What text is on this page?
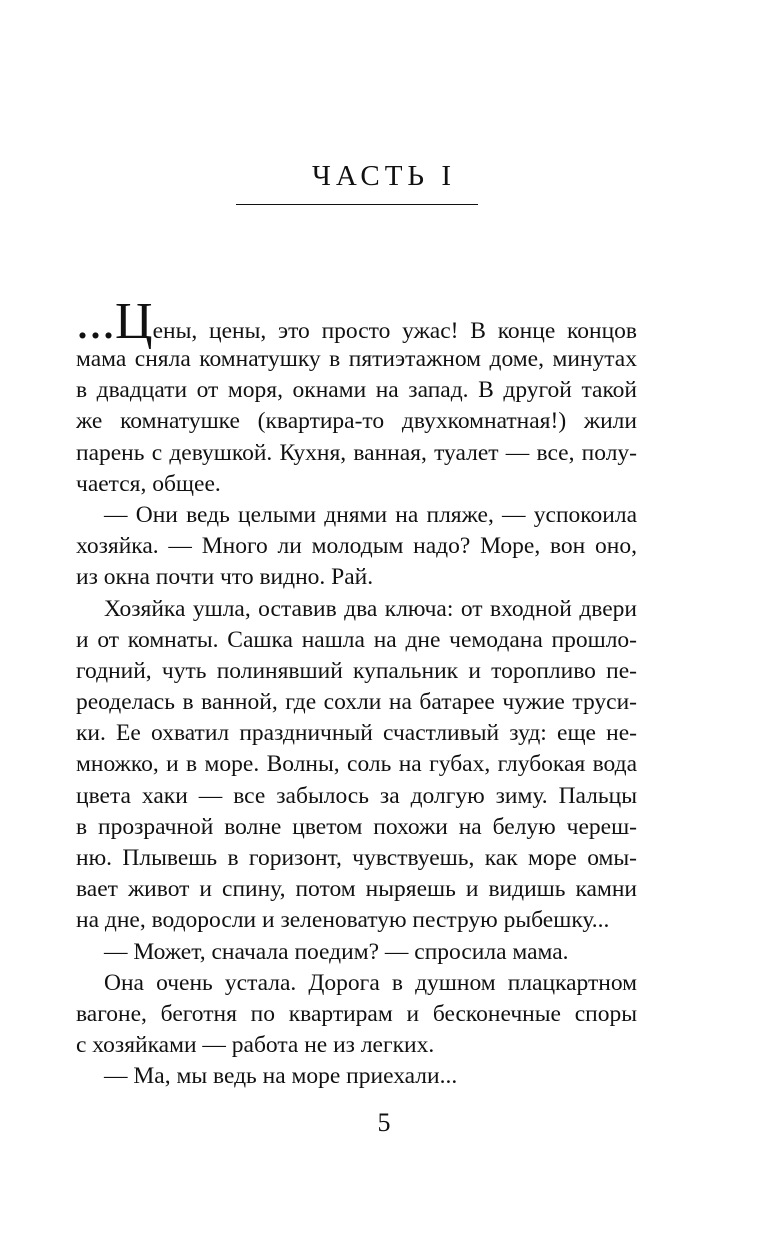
ЧАСТЬ I
...Ц ены, цены, это просто ужас! В конце концов
мама сняла комнатушку в пятиэтажном доме, минутах
в двадцати от моря, окнами на запад. В другой такой
же комнатушке (квартира-то двухкомнатная!) жили
парень с девушкой. Кухня, ванная, туалет — все, полу-
чается, общее.
— Они ведь целыми днями на пляже, — успокоила
хозяйка. — Много ли молодым надо? Море, вон оно,
из окна почти что видно. Рай.
Хозяйка ушла, оставив два ключа: от входной двери
и от комнаты. Сашка нашла на дне чемодана прошло-
годний, чуть полинявший купальник и торопливо пе-
реоделась в ванной, где сохли на батарее чужие труси-
ки. Ее охватил праздничный счастливый зуд: еще не-
множко, и в море. Волны, соль на губах, глубокая вода
цвета хаки — все забылось за долгую зиму. Пальцы
в прозрачной волне цветом похожи на белую череш-
ню. Плывешь в горизонт, чувствуешь, как море омы-
вает живот и спину, потом ныряешь и видишь камни
на дне, водоросли и зеленоватую пеструю рыбешку...
— Может, сначала поедим? — спросила мама.
Она очень устала. Дорога в душном плацкартном
вагоне, беготня по квартирам и бесконечные споры
с хозяйками — работа не из легких.
— Ма, мы ведь на море приехали...
5
